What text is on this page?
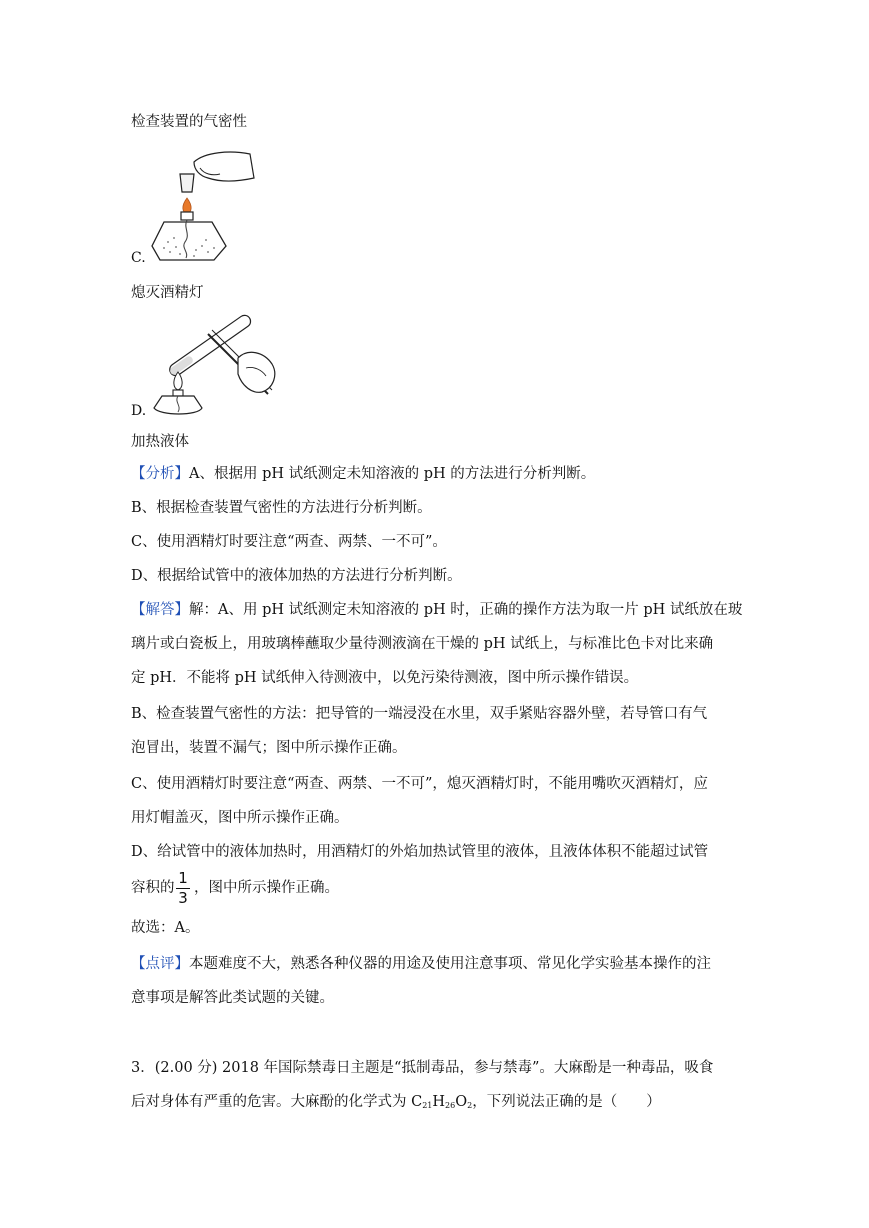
检查装置的气密性
C.
熄灭酒精灯
D.
加热液体
【分析】A、根据用 pH 试纸测定未知溶液的 pH 的方法进行分析判断。
B、根据检查装置气密性的方法进行分析判断。
C、使用酒精灯时要注意“两查、两禁、一不可”。
D、根据给试管中的液体加热的方法进行分析判断。
【解答】解：A、用 pH 试纸测定未知溶液的 pH 时，正确的操作方法为取一片 pH 试纸放在玻
璃片或白瓷板上，用玻璃棒蘸取少量待测液滴在干燥的 pH 试纸上，与标准比色卡对比来确
定 pH．不能将 pH 试纸伸入待测液中，以免污染待测液，图中所示操作错误。
B、检查装置气密性的方法：把导管的一端浸没在水里，双手紧贴容器外壁，若导管口有气
泡冒出，装置不漏气；图中所示操作正确。
C、使用酒精灯时要注意“两查、两禁、一不可”，熄灭酒精灯时，不能用嘴吹灭酒精灯，应
用灯帽盖灭，图中所示操作正确。
D、给试管中的液体加热时，用酒精灯的外焰加热试管里的液体，且液体体积不能超过试管
容积的
1
3
，图中所示操作正确。
故选：A。
【点评】本题难度不大，熟悉各种仪器的用途及使用注意事项、常见化学实验基本操作的注
意事项是解答此类试题的关键。
3．(2.00 分) 2018 年国际禁毒日主题是“抵制毒品，参与禁毒”。大麻酚是一种毒品，吸食
后对身体有严重的危害。大麻酚的化学式为 $C_{21}H_{26}O_2$，下列说法正确的是（　　）
